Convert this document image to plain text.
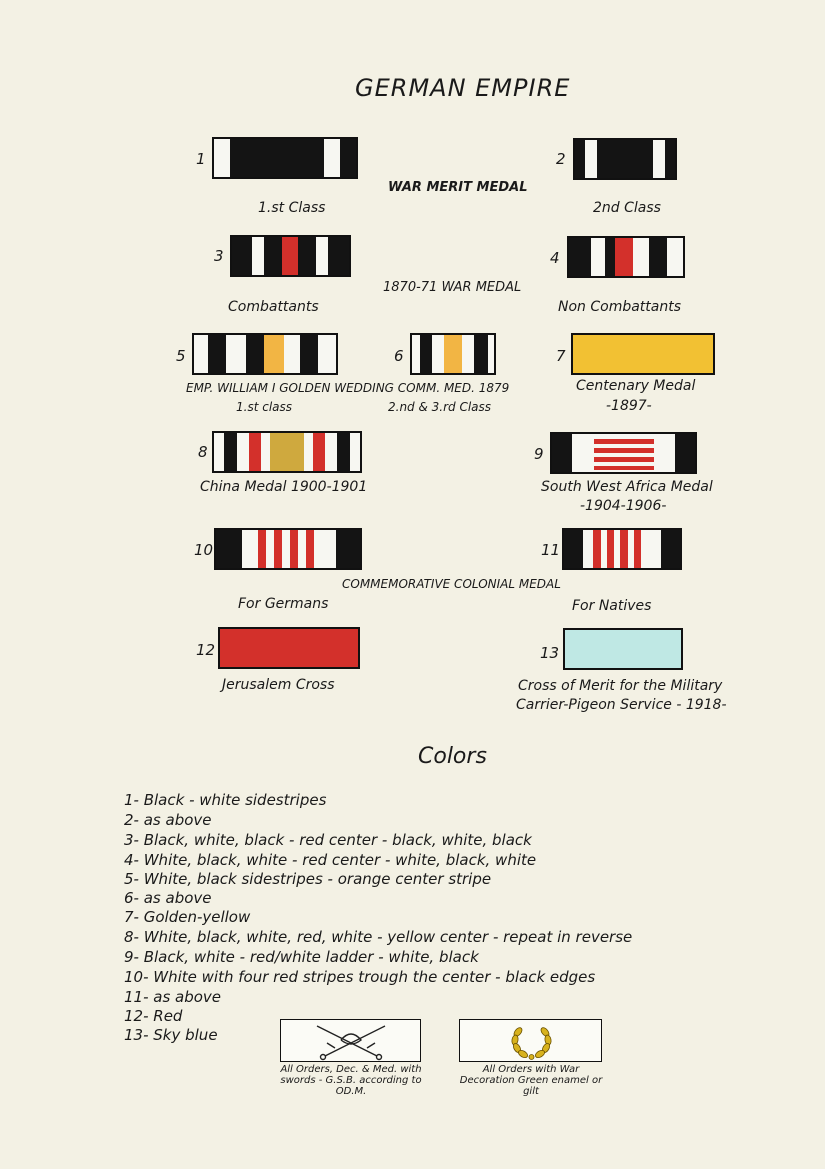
GERMAN EMPIRE
1
1.st Class
WAR MERIT MEDAL
2
2nd Class
3
Combattants
1870-71 WAR MEDAL
4
Non Combattants
5
EMP. WILLIAM I GOLDEN WEDDING COMM. MED. 1879
1.st class
6
2.nd & 3.rd Class
7
Centenary Medal
-1897-
8
China Medal 1900-1901
9
South West Africa Medal
-1904-1906-
10
COMMEMORATIVE COLONIAL MEDAL
For Germans
11
For Natives
12
Jerusalem Cross
13
Cross of Merit for the Military
Carrier-Pigeon Service - 1918-
Colors
1- Black - white sidestripes
2- as above
3- Black, white, black - red center - black, white, black
4- White, black, white - red center - white, black, white
5- White, black sidestripes - orange center stripe
6- as above
7- Golden-yellow
8- White, black, white, red, white - yellow center - repeat in reverse
9- Black, white - red/white ladder - white, black
10- White with four red stripes trough the center - black edges
11- as above
12- Red
13- Sky blue
All Orders, Dec. & Med. with swords - G.S.B. according to OD.M.
All Orders with War Decoration Green enamel or gilt
